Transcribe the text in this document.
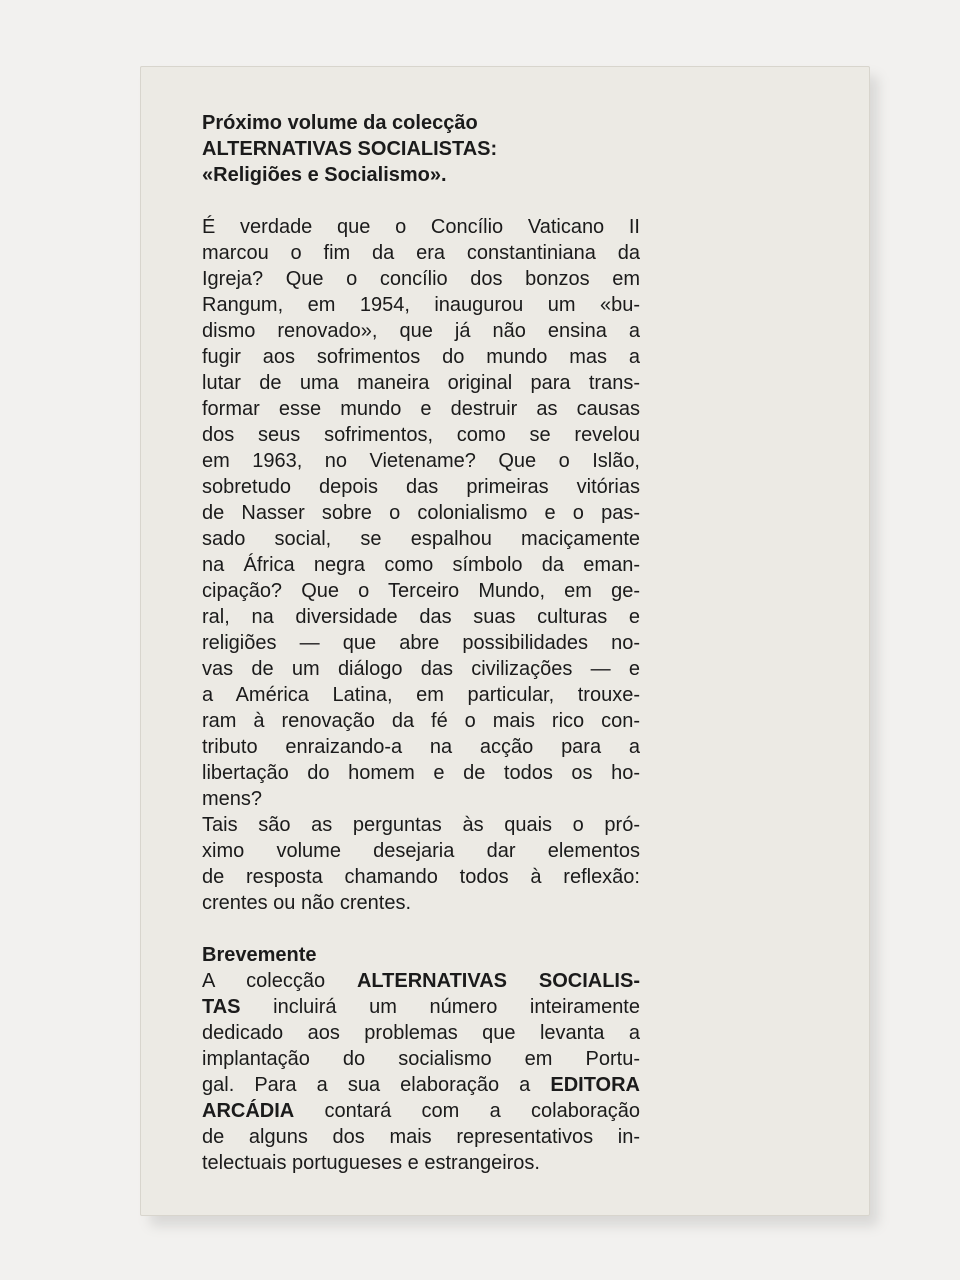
Próximo volume da colecção
ALTERNATIVAS SOCIALISTAS:
«Religiões e Socialismo».
É verdade que o Concílio Vaticano II
marcou o fim da era constantiniana da
Igreja? Que o concílio dos bonzos em
Rangum, em 1954, inaugurou um «bu-
dismo renovado», que já não ensina a
fugir aos sofrimentos do mundo mas a
lutar de uma maneira original para trans-
formar esse mundo e destruir as causas
dos seus sofrimentos, como se revelou
em 1963, no Vietename? Que o Islão,
sobretudo depois das primeiras vitórias
de Nasser sobre o colonialismo e o pas-
sado social, se espalhou maciçamente
na África negra como símbolo da eman-
cipação? Que o Terceiro Mundo, em ge-
ral, na diversidade das suas culturas e
religiões — que abre possibilidades no-
vas de um diálogo das civilizações — e
a América Latina, em particular, trouxe-
ram à renovação da fé o mais rico con-
tributo enraizando-a na acção para a
libertação do homem e de todos os ho-
mens?
Tais são as perguntas às quais o pró-
ximo volume desejaria dar elementos
de resposta chamando todos à reflexão:
crentes ou não crentes.
Brevemente
A colecção ALTERNATIVAS SOCIALIS-
TAS incluirá um número inteiramente
dedicado aos problemas que levanta a
implantação do socialismo em Portu-
gal. Para a sua elaboração a EDITORA
ARCÁDIA contará com a colaboração
de alguns dos mais representativos in-
telectuais portugueses e estrangeiros.
